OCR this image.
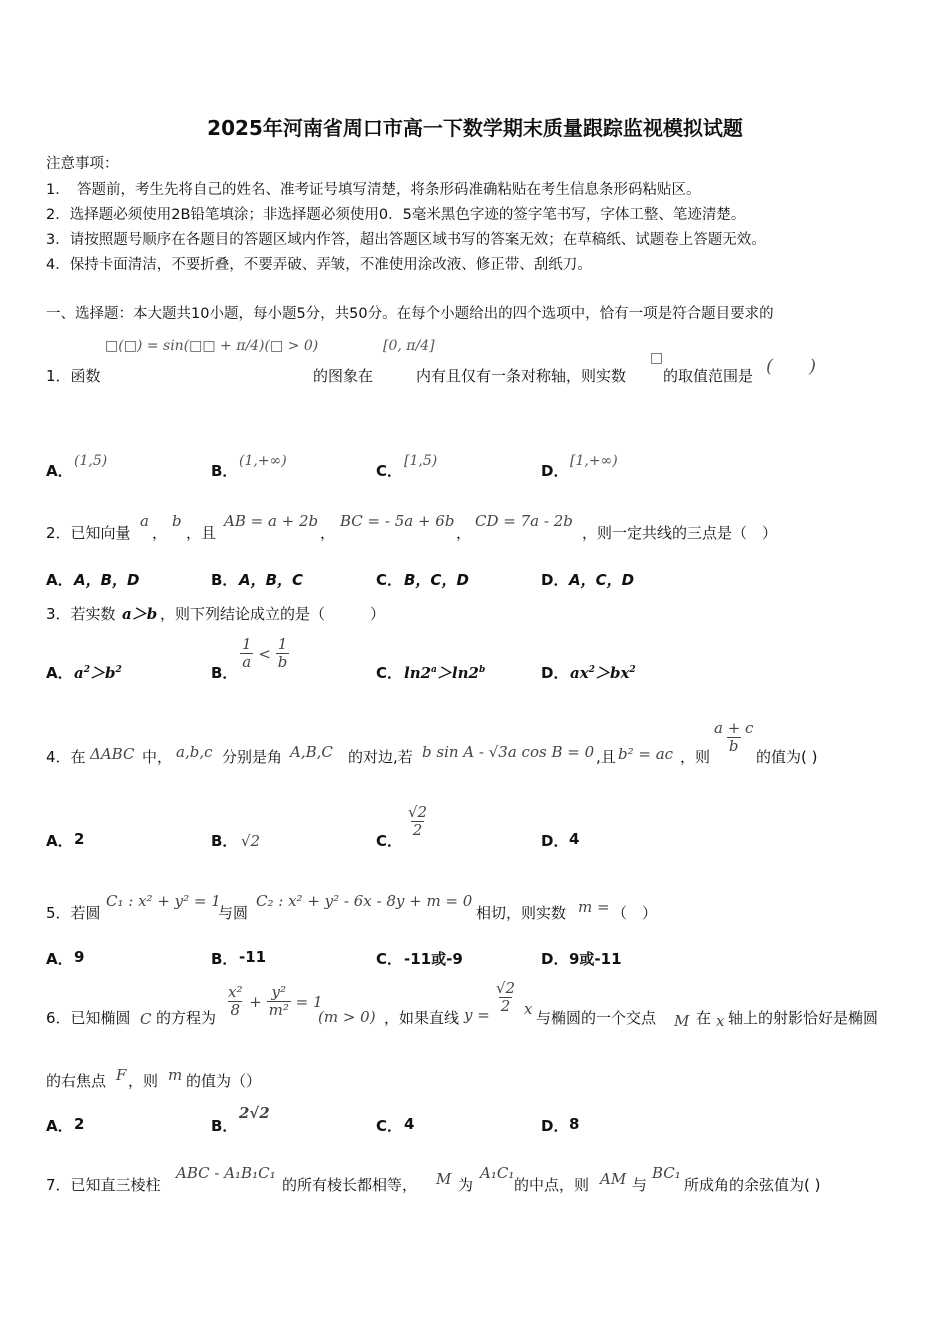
2025年河南省周口市高一下数学期末质量跟踪监视模拟试题
注意事项：
1．　答题前，考生先将自己的姓名、准考证号填写清楚，将条形码准确粘贴在考生信息条形码粘贴区。
2．选择题必须使用2B铅笔填涂；非选择题必须使用0．5毫米黑色字迹的签字笔书写，字体工整、笔迹清楚。
3．请按照题号顺序在各题目的答题区域内作答，超出答题区域书写的答案无效；在草稿纸、试题卷上答题无效。
4．保持卡面清洁，不要折叠，不要弄破、弄皱，不准使用涂改液、修正带、刮纸刀。
一、选择题：本大题共10小题，每小题5分，共50分。在每个小题给出的四个选项中，恰有一项是符合题目要求的
□(□) = sin(□□ + π/4)(□ > 0)	[0, π/4]
□	(　　)
1．函数	的图象在	内有且仅有一条对称轴，则实数 的取值范围是
A．
(1,5)
B．
(1,+∞)
C．
[1,5)
D．
[1,+∞)
2．已知向量
a
，
b
，且
AB = a + 2b
，
BC = - 5a + 6b
，
CD = 7a - 2b
，则一定共线的三点是（　）
A． A，B，D	B． A，B，C	C． B，C，D	D． A，C，D
3．若实数 a＞b ，则下列结论成立的是（　　　）
A． $a^2>b^2$	B．
$\frac{1}{a} < \frac{1}{b}$
C． $\ln 2^a>\ln 2^b$	D． $ax^2>bx^2$
4．在 ΔABC 中， a,b,c 分别是角 A,B,C 的对边,若 b sin A - √3a cos B = 0 ,且 b² = ac ，则
$\frac{a + c}{b}$
的值为( )
A． 2	B． √2	C．
$\frac{√2}{2}$
D． 4
5．若圆
C₁ : x² + y² = 1
与圆
C₂ : x² + y² - 6x - 8y + m = 0
相切，则实数 m = （　）
A． 9	B． -11	C． -11或-9	D． 9或-11
6．已知椭圆 C 的方程为 $\frac{\text{x²}}{8} + \frac{\text{y²}}{\text{m²}} = 1$
(m > 0) ，如果直线 $y = \frac{√2}{2}$ x 与椭圆的一个交点 M 在 x 轴上的射影恰好是椭圆
的右焦点 F ，则 m 的值为（）
A． 2	B．
2√2
C． 4	D． 8
7．已知直三棱柱
ABC - A₁B₁C₁
的所有棱长都相等， M 为
A₁C₁
的中点，则 AM 与
BC₁
所成角的余弦值为( )
